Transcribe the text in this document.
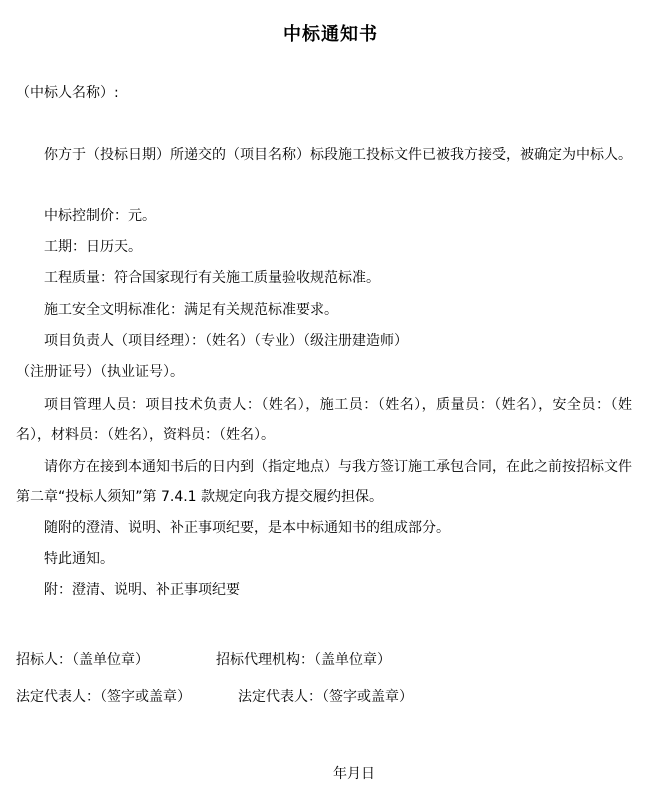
中标通知书
（中标人名称）:
你方于（投标日期）所递交的（项目名称）标段施工投标文件已被我方接受，被确定为中标人。
中标控制价：元。
工期：日历天。
工程质量：符合国家现行有关施工质量验收规范标准。
施工安全文明标准化：满足有关规范标准要求。
项目负责人（项目经理）：（姓名）（专业）（级注册建造师）
（注册证号）（执业证号）。
项目管理人员：项目技术负责人：（姓名），施工员：（姓名），质量员：（姓名），安全员：（姓名），材料员：（姓名），资料员：（姓名）。
请你方在接到本通知书后的日内到（指定地点）与我方签订施工承包合同，在此之前按招标文件第二章“投标人须知”第 7.4.1 款规定向我方提交履约担保。
随附的澄清、说明、补正事项纪要，是本中标通知书的组成部分。
特此通知。
附：澄清、说明、补正事项纪要
招标人：（盖单位章）	招标代理机构：（盖单位章）
法定代表人：（签字或盖章）	法定代表人：（签字或盖章）
年月日
